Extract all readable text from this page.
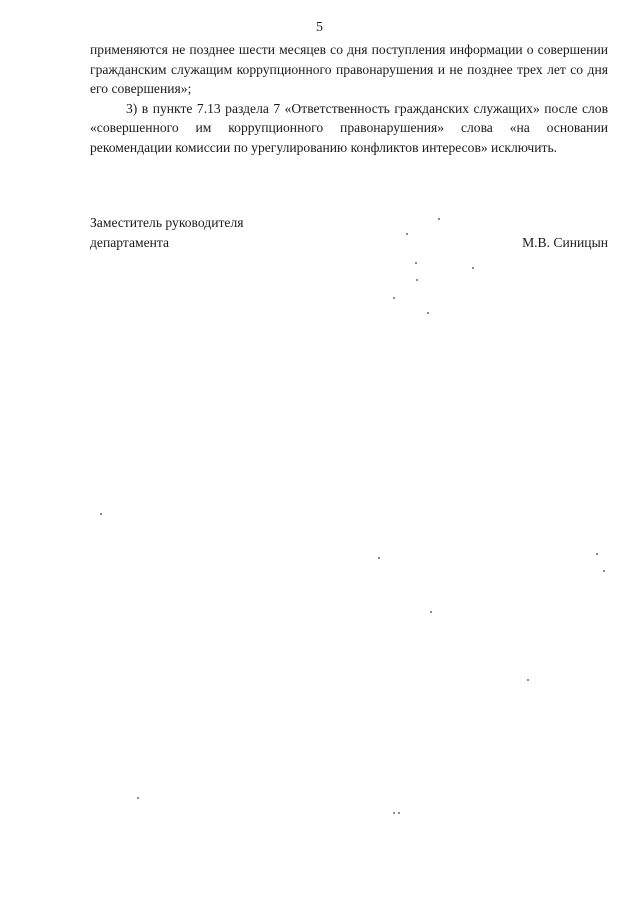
5

применяются не позднее шести месяцев со дня поступления информации о совершении гражданским служащим коррупционного правонарушения и не позднее трех лет со дня его совершения»;

3) в пункте 7.13 раздела 7 «Ответственность гражданских служащих» после слов «совершенного им коррупционного правонарушения» слова «на основании рекомендации комиссии по урегулированию конфликтов интересов» исключить.

Заместитель руководителя
департамента	М.В. Синицын
